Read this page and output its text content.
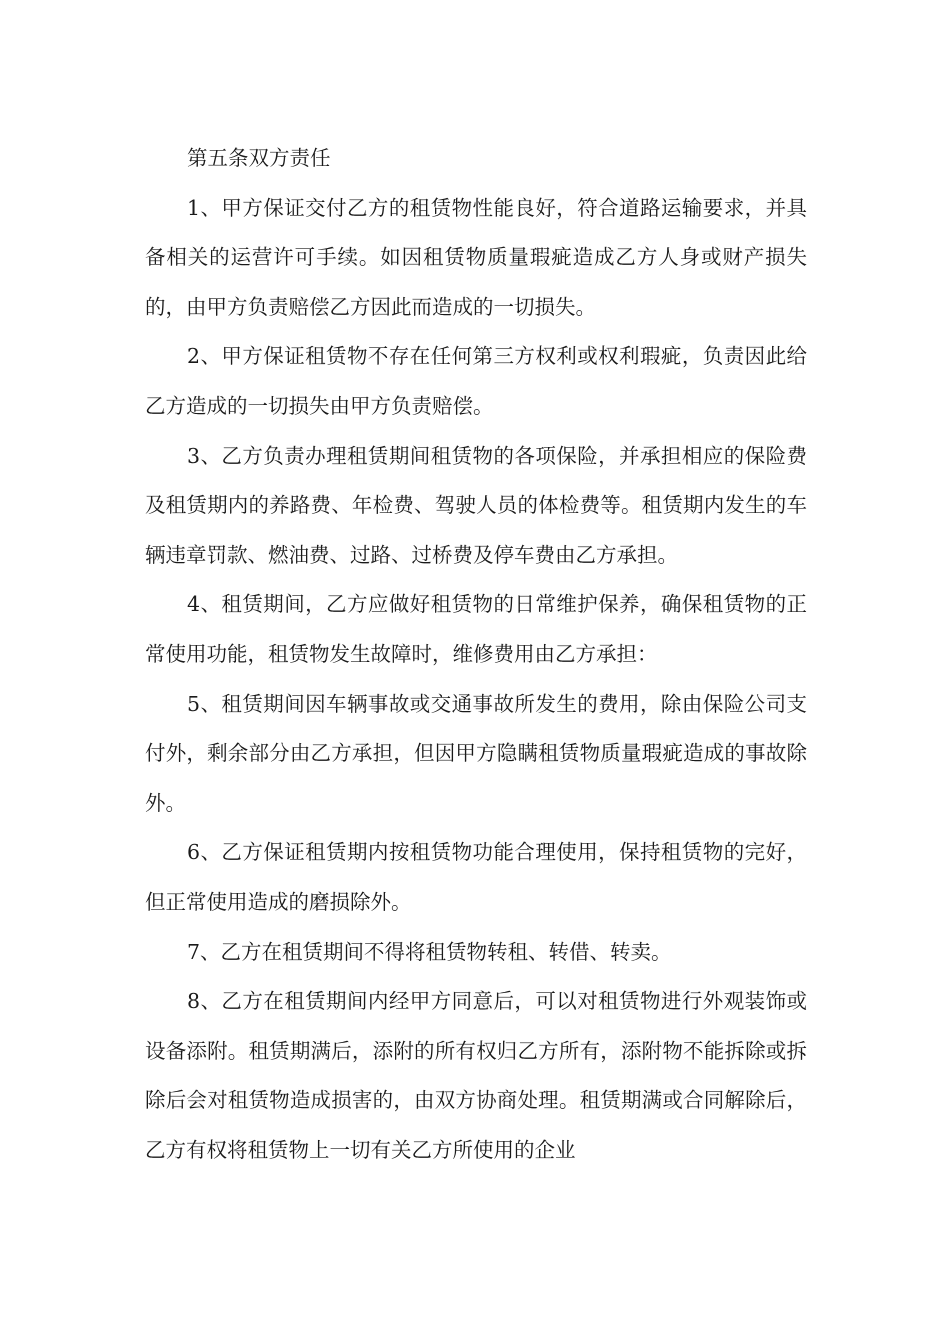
第五条双方责任

1、甲方保证交付乙方的租赁物性能良好，符合道路运输要求，并具备相关的运营许可手续。如因租赁物质量瑕疵造成乙方人身或财产损失的，由甲方负责赔偿乙方因此而造成的一切损失。

2、甲方保证租赁物不存在任何第三方权利或权利瑕疵，负责因此给乙方造成的一切损失由甲方负责赔偿。

3、乙方负责办理租赁期间租赁物的各项保险，并承担相应的保险费及租赁期内的养路费、年检费、驾驶人员的体检费等。租赁期内发生的车辆违章罚款、燃油费、过路、过桥费及停车费由乙方承担。

4、租赁期间，乙方应做好租赁物的日常维护保养，确保租赁物的正常使用功能，租赁物发生故障时，维修费用由乙方承担：

5、租赁期间因车辆事故或交通事故所发生的费用，除由保险公司支付外，剩余部分由乙方承担，但因甲方隐瞒租赁物质量瑕疵造成的事故除外。

6、乙方保证租赁期内按租赁物功能合理使用，保持租赁物的完好，但正常使用造成的磨损除外。

7、乙方在租赁期间不得将租赁物转租、转借、转卖。

8、乙方在租赁期间内经甲方同意后，可以对租赁物进行外观装饰或设备添附。租赁期满后，添附的所有权归乙方所有，添附物不能拆除或拆除后会对租赁物造成损害的，由双方协商处理。租赁期满或合同解除后，乙方有权将租赁物上一切有关乙方所使用的企业
